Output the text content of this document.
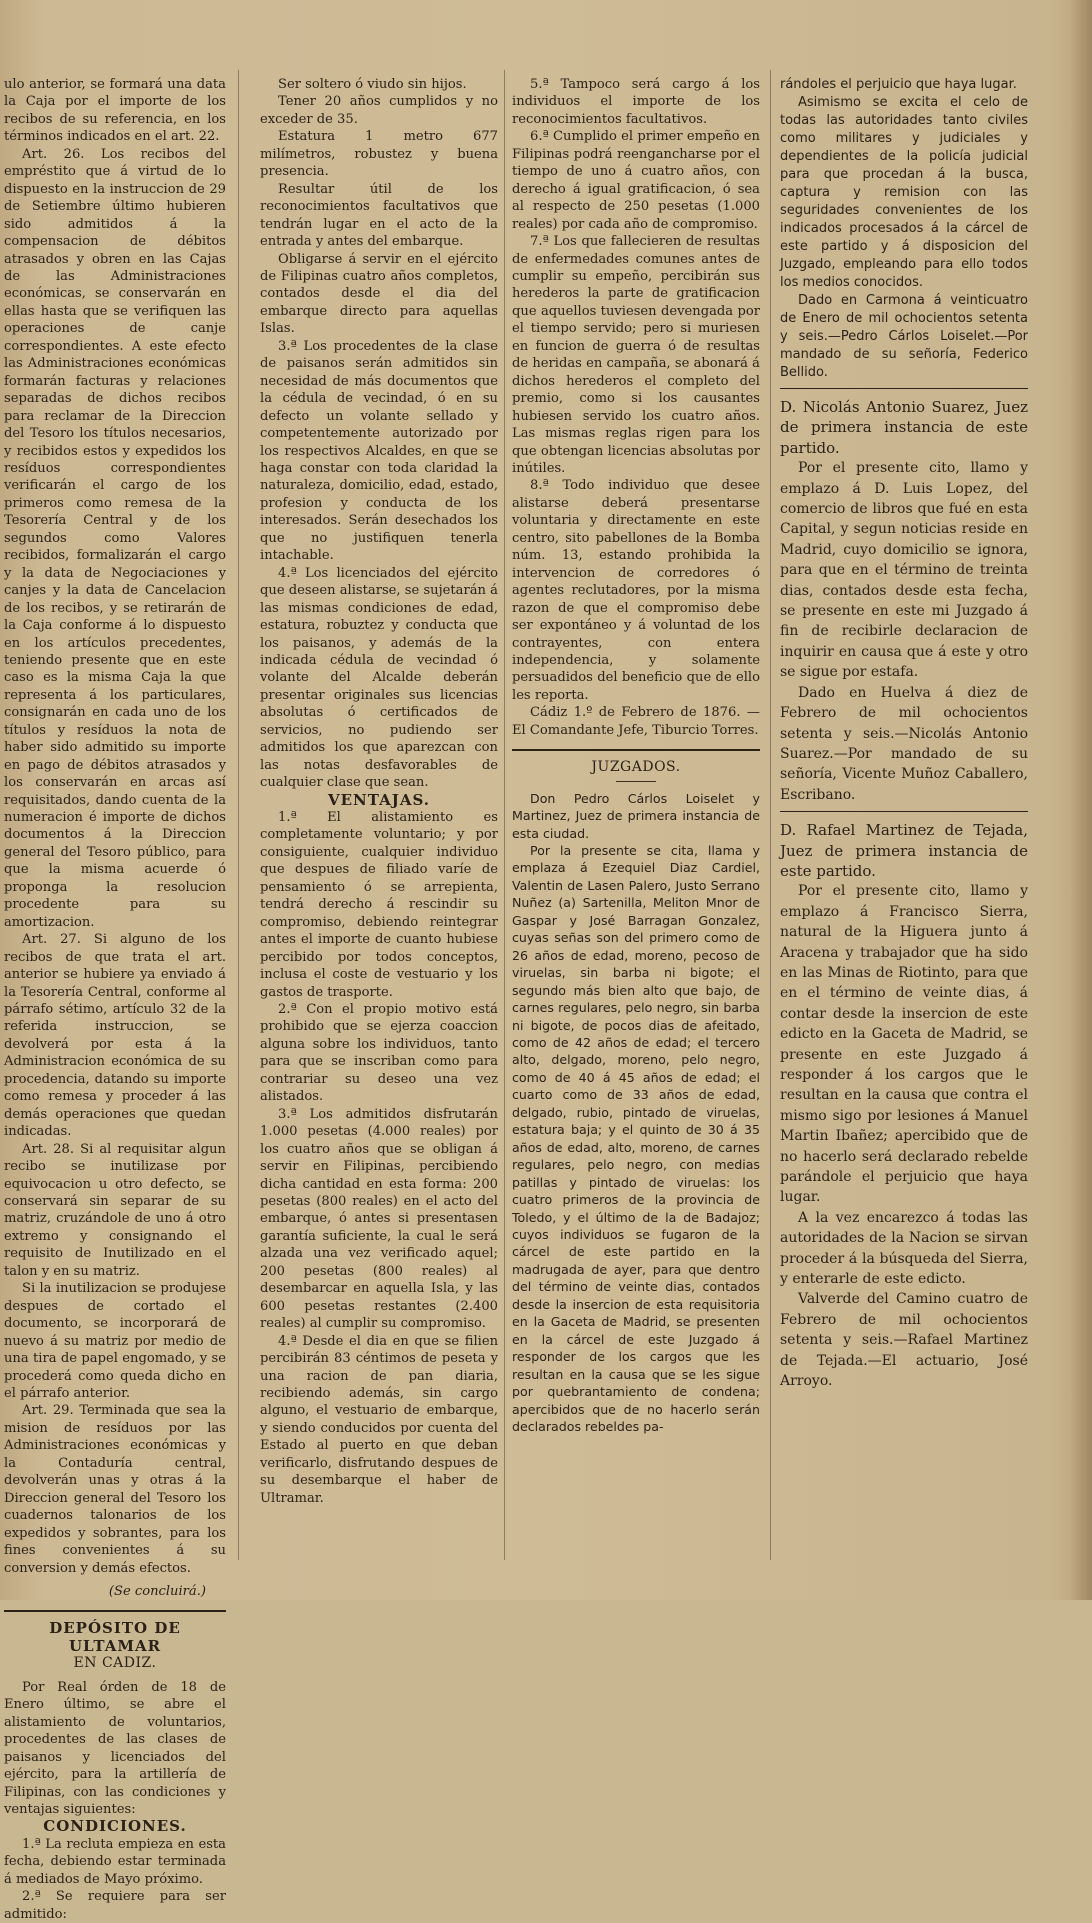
ulo anterior, se formará una data la Caja por el importe de los recibos de su referencia, en los términos indicados en el art. 22.

Art. 26. Los recibos del empréstito que á virtud de lo dispuesto en la instruccion de 29 de Setiembre último hubieren sido admitidos á la compensacion de débitos atrasados y obren en las Cajas de las Administraciones económicas, se conservarán en ellas hasta que se verifiquen las operaciones de canje correspondientes. A este efecto las Administraciones económicas formarán facturas y relaciones separadas de dichos recibos para reclamar de la Direccion del Tesoro los títulos necesarios, y recibidos estos y expedidos los resíduos correspondientes verificarán el cargo de los primeros como remesa de la Tesorería Central y de los segundos como Valores recibidos, formalizarán el cargo y la data de Negociaciones y canjes y la data de Cancelacion de los recibos, y se retirarán de la Caja conforme á lo dispuesto en los artículos precedentes, teniendo presente que en este caso es la misma Caja la que representa á los particulares, consignarán en cada uno de los títulos y resíduos la nota de haber sido admitido su importe en pago de débitos atrasados y los conservarán en arcas así requisitados, dando cuenta de la numeracion é importe de dichos documentos á la Direccion general del Tesoro público, para que la misma acuerde ó proponga la resolucion procedente para su amortizacion.

Art. 27. Si alguno de los recibos de que trata el art. anterior se hubiere ya enviado á la Tesorería Central, conforme al párrafo sétimo, artículo 32 de la referida instruccion, se devolverá por esta á la Administracion económica de su procedencia, datando su importe como remesa y proceder á las demás operaciones que quedan indicadas.

Art. 28. Si al requisitar algun recibo se inutilizase por equivocacion u otro defecto, se conservará sin separar de su matriz, cruzándole de uno á otro extremo y consignando el requisito de Inutilizado en el talon y en su matriz.

Si la inutilizacion se produjese despues de cortado el documento, se incorporará de nuevo á su matriz por medio de una tira de papel engomado, y se procederá como queda dicho en el párrafo anterior.

Art. 29. Terminada que sea la mision de resíduos por las Administraciones económicas y la Contaduría central, devolverán unas y otras á la Direccion general del Tesoro los cuadernos talonarios de los expedidos y sobrantes, para los fines convenientes á su conversion y demás efectos.

(Se concluirá.)

DEPÓSITO DE ULTAMAR

EN CADIZ.

Por Real órden de 18 de Enero último, se abre el alistamiento de voluntarios, procedentes de las clases de paisanos y licenciados del ejército, para la artillería de Filipinas, con las condiciones y ventajas siguientes:

CONDICIONES.

1.ª La recluta empieza en esta fecha, debiendo estar terminada á mediados de Mayo próximo.

2.ª Se requiere para ser admitido:

Ser soltero ó viudo sin hijos.

Tener 20 años cumplidos y no exceder de 35.

Estatura 1 metro 677 milímetros, robustez y buena presencia.

Resultar útil de los reconocimientos facultativos que tendrán lugar en el acto de la entrada y antes del embarque.

Obligarse á servir en el ejército de Filipinas cuatro años completos, contados desde el dia del embarque directo para aquellas Islas.

3.ª Los procedentes de la clase de paisanos serán admitidos sin necesidad de más documentos que la cédula de vecindad, ó en su defecto un volante sellado y competentemente autorizado por los respectivos Alcaldes, en que se haga constar con toda claridad la naturaleza, domicilio, edad, estado, profesion y conducta de los interesados. Serán desechados los que no justifiquen tenerla intachable.

4.ª Los licenciados del ejército que deseen alistarse, se sujetarán á las mismas condiciones de edad, estatura, robuztez y conducta que los paisanos, y además de la indicada cédula de vecindad ó volante del Alcalde deberán presentar originales sus licencias absolutas ó certificados de servicios, no pudiendo ser admitidos los que aparezcan con las notas desfavorables de cualquier clase que sean.

VENTAJAS.

1.ª El alistamiento es completamente voluntario; y por consiguiente, cualquier individuo que despues de filiado varíe de pensamiento ó se arrepienta, tendrá derecho á rescindir su compromiso, debiendo reintegrar antes el importe de cuanto hubiese percibido por todos conceptos, inclusa el coste de vestuario y los gastos de trasporte.

2.ª Con el propio motivo está prohibido que se ejerza coaccion alguna sobre los individuos, tanto para que se inscriban como para contrariar su deseo una vez alistados.

3.ª Los admitidos disfrutarán 1.000 pesetas (4.000 reales) por los cuatro años que se obligan á servir en Filipinas, percibiendo dicha cantidad en esta forma: 200 pesetas (800 reales) en el acto del embarque, ó antes si presentasen garantía suficiente, la cual le será alzada una vez verificado aquel; 200 pesetas (800 reales) al desembarcar en aquella Isla, y las 600 pesetas restantes (2.400 reales) al cumplir su compromiso.

4.ª Desde el dia en que se filien percibirán 83 céntimos de peseta y una racion de pan diaria, recibiendo además, sin cargo alguno, el vestuario de embarque, y siendo conducidos por cuenta del Estado al puerto en que deban verificarlo, disfrutando despues de su desembarque el haber de Ultramar.

5.ª Tampoco será cargo á los individuos el importe de los reconocimientos facultativos.

6.ª Cumplido el primer empeño en Filipinas podrá reengancharse por el tiempo de uno á cuatro años, con derecho á igual gratificacion, ó sea al respecto de 250 pesetas (1.000 reales) por cada año de compromiso.

7.ª Los que fallecieren de resultas de enfermedades comunes antes de cumplir su empeño, percibirán sus herederos la parte de gratificacion que aquellos tuviesen devengada por el tiempo servido; pero si muriesen en funcion de guerra ó de resultas de heridas en campaña, se abonará á dichos herederos el completo del premio, como si los causantes hubiesen servido los cuatro años. Las mismas reglas rigen para los que obtengan licencias absolutas por inútiles.

8.ª Todo individuo que desee alistarse deberá presentarse voluntaria y directamente en este centro, sito pabellones de la Bomba núm. 13, estando prohibida la intervencion de corredores ó agentes reclutadores, por la misma razon de que el compromiso debe ser expontáneo y á voluntad de los contrayentes, con entera independencia, y solamente persuadidos del beneficio que de ello les reporta.

Cádiz 1.º de Febrero de 1876. —El Comandante Jefe, Tiburcio Torres.

JUZGADOS.

Don Pedro Cárlos Loiselet y Martinez, Juez de primera instancia de esta ciudad.

Por la presente se cita, llama y emplaza á Ezequiel Diaz Cardiel, Valentin de Lasen Palero, Justo Serrano Nuñez (a) Sartenilla, Meliton Mnor de Gaspar y José Barragan Gonzalez, cuyas señas son del primero como de 26 años de edad, moreno, pecoso de viruelas, sin barba ni bigote; el segundo más bien alto que bajo, de carnes regulares, pelo negro, sin barba ni bigote, de pocos dias de afeitado, como de 42 años de edad; el tercero alto, delgado, moreno, pelo negro, como de 40 á 45 años de edad; el cuarto como de 33 años de edad, delgado, rubio, pintado de viruelas, estatura baja; y el quinto de 30 á 35 años de edad, alto, moreno, de carnes regulares, pelo negro, con medias patillas y pintado de viruelas: los cuatro primeros de la provincia de Toledo, y el último de la de Badajoz; cuyos individuos se fugaron de la cárcel de este partido en la madrugada de ayer, para que dentro del término de veinte dias, contados desde la insercion de esta requisitoria en la Gaceta de Madrid, se presenten en la cárcel de este Juzgado á responder de los cargos que les resultan en la causa que se les sigue por quebrantamiento de condena; apercibidos que de no hacerlo serán declarados rebeldes pa-

rándoles el perjuicio que haya lugar.

Asimismo se excita el celo de todas las autoridades tanto civiles como militares y judiciales y dependientes de la policía judicial para que procedan á la busca, captura y remision con las seguridades convenientes de los indicados procesados á la cárcel de este partido y á disposicion del Juzgado, empleando para ello todos los medios conocidos.

Dado en Carmona á veinticuatro de Enero de mil ochocientos setenta y seis.—Pedro Cárlos Loiselet.—Por mandado de su señoría, Federico Bellido.

D. Nicolás Antonio Suarez, Juez de primera instancia de este partido.

Por el presente cito, llamo y emplazo á D. Luis Lopez, del comercio de libros que fué en esta Capital, y segun noticias reside en Madrid, cuyo domicilio se ignora, para que en el término de treinta dias, contados desde esta fecha, se presente en este mi Juzgado á fin de recibirle declaracion de inquirir en causa que á este y otro se sigue por estafa.

Dado en Huelva á diez de Febrero de mil ochocientos setenta y seis.—Nicolás Antonio Suarez.—Por mandado de su señoría, Vicente Muñoz Caballero, Escribano.

D. Rafael Martinez de Tejada, Juez de primera instancia de este partido.

Por el presente cito, llamo y emplazo á Francisco Sierra, natural de la Higuera junto á Aracena y trabajador que ha sido en las Minas de Riotinto, para que en el término de veinte dias, á contar desde la insercion de este edicto en la Gaceta de Madrid, se presente en este Juzgado á responder á los cargos que le resultan en la causa que contra el mismo sigo por lesiones á Manuel Martin Ibañez; apercibido que de no hacerlo será declarado rebelde parándole el perjuicio que haya lugar.

A la vez encarezco á todas las autoridades de la Nacion se sirvan proceder á la búsqueda del Sierra, y enterarle de este edicto.

Valverde del Camino cuatro de Febrero de mil ochocientos setenta y seis.—Rafael Martinez de Tejada.—El actuario, José Arroyo.
